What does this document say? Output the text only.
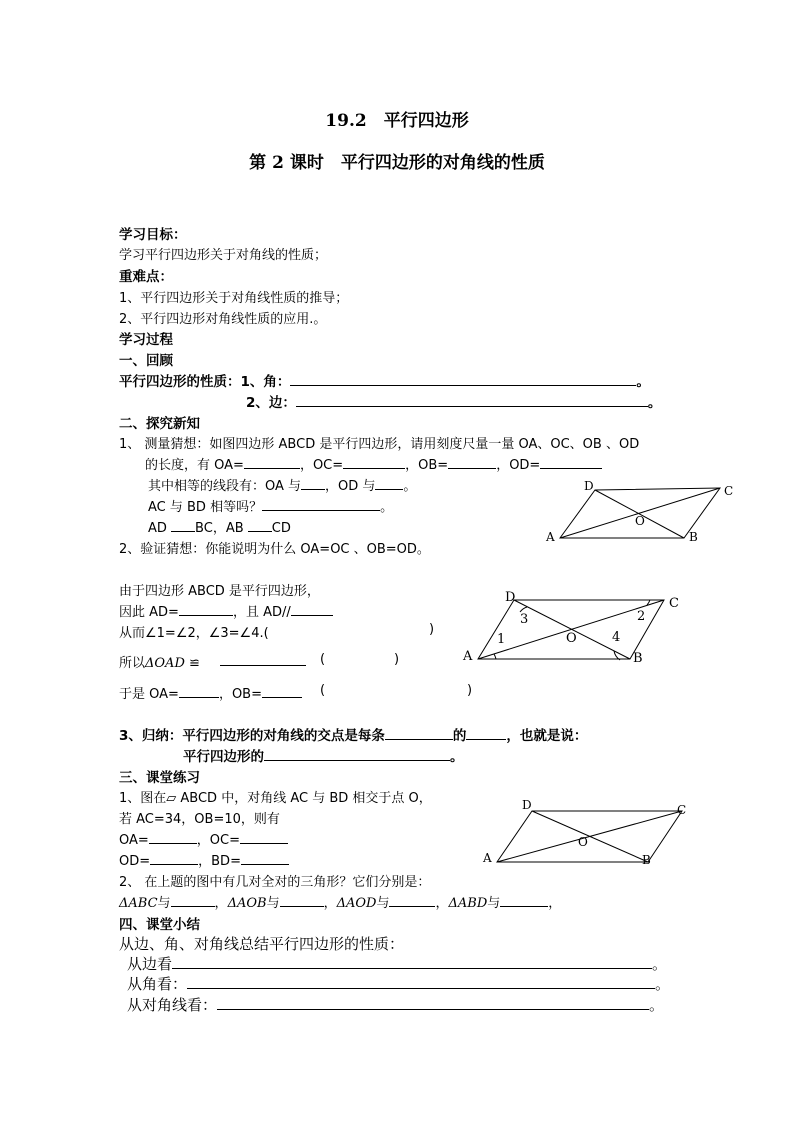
19.2　平行四边形
第 2 课时　平行四边形的对角线的性质
学习目标：
学习平行四边形关于对角线的性质；
重难点：
1、平行四边形关于对角线性质的推导；
2、平行四边形对角线性质的应用.。
学习过程
一、回顾
平行四边形的性质：1、角：	。
2、边：	。
二、探究新知
1、 测量猜想：如图四边形 ABCD 是平行四边形，请用刻度尺量一量 OA、OC、OB 、OD
的长度，有 OA=	，OC=	，OB=	，OD=
其中相等的线段有：OA 与 ，OD 与 。
AC 与 BD 相等吗？	。
AD BC，AB CD
2、验证猜想：你能说明为什么 OA=OC 、OB=OD。
由于四边形 ABCD 是平行四边形，
因此 AD=	，且 AD//
从而∠1=∠2，∠3=∠4.(	)
所以ΔOAD ≌	(	)
于是 OA=	，OB=	(	)
3、归纳：平行四边形的对角线的交点是每条	的	，也就是说：
平行四边形的	。
三、课堂练习
1、图在▱ ABCD 中，对角线 AC 与 BD 相交于点 O，
若 AC=34，OB=10，则有
OA=	，OC=
OD=	，BD=
2、 在上题的图中有几对全对的三角形？它们分别是：
ΔABC与	，ΔAOB与	，ΔAOD与	，ΔABD与	，
四、课堂小结
从边、角、对角线总结平行四边形的性质：
从边看	。
从角看：	。
从对角线看：	。
A	B
C
D
O
A	B
C
D
O
1
2
3
4
A	B
C
D
O
